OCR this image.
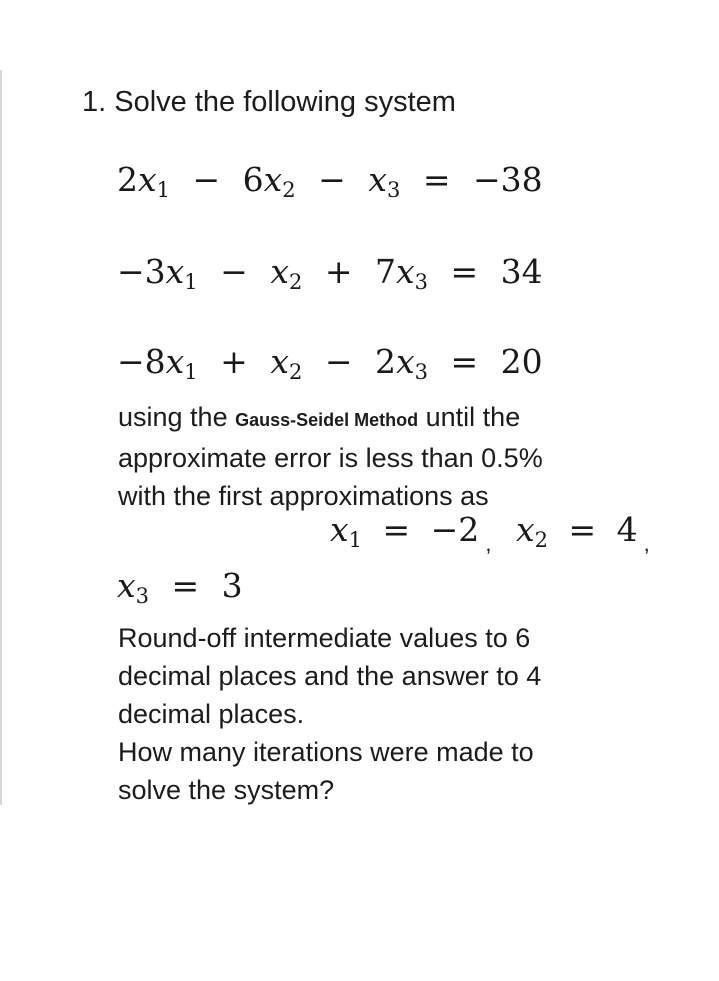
1. Solve the following system
$2x_1 - 6x_2 - x_3 = -38$
$-3x_1 - x_2 + 7x_3 = 34$
$-8x_1 + x_2 - 2x_3 = 20$
using the Gauss-Seidel Method until the
approximate error is less than 0.5%
with the first approximations as
$x_1 = -2$ $_,$ $x_2 = 4$ $_,$
$x_3 = 3$
Round-off intermediate values to 6
decimal places and the answer to 4
decimal places.
How many iterations were made to
solve the system?
